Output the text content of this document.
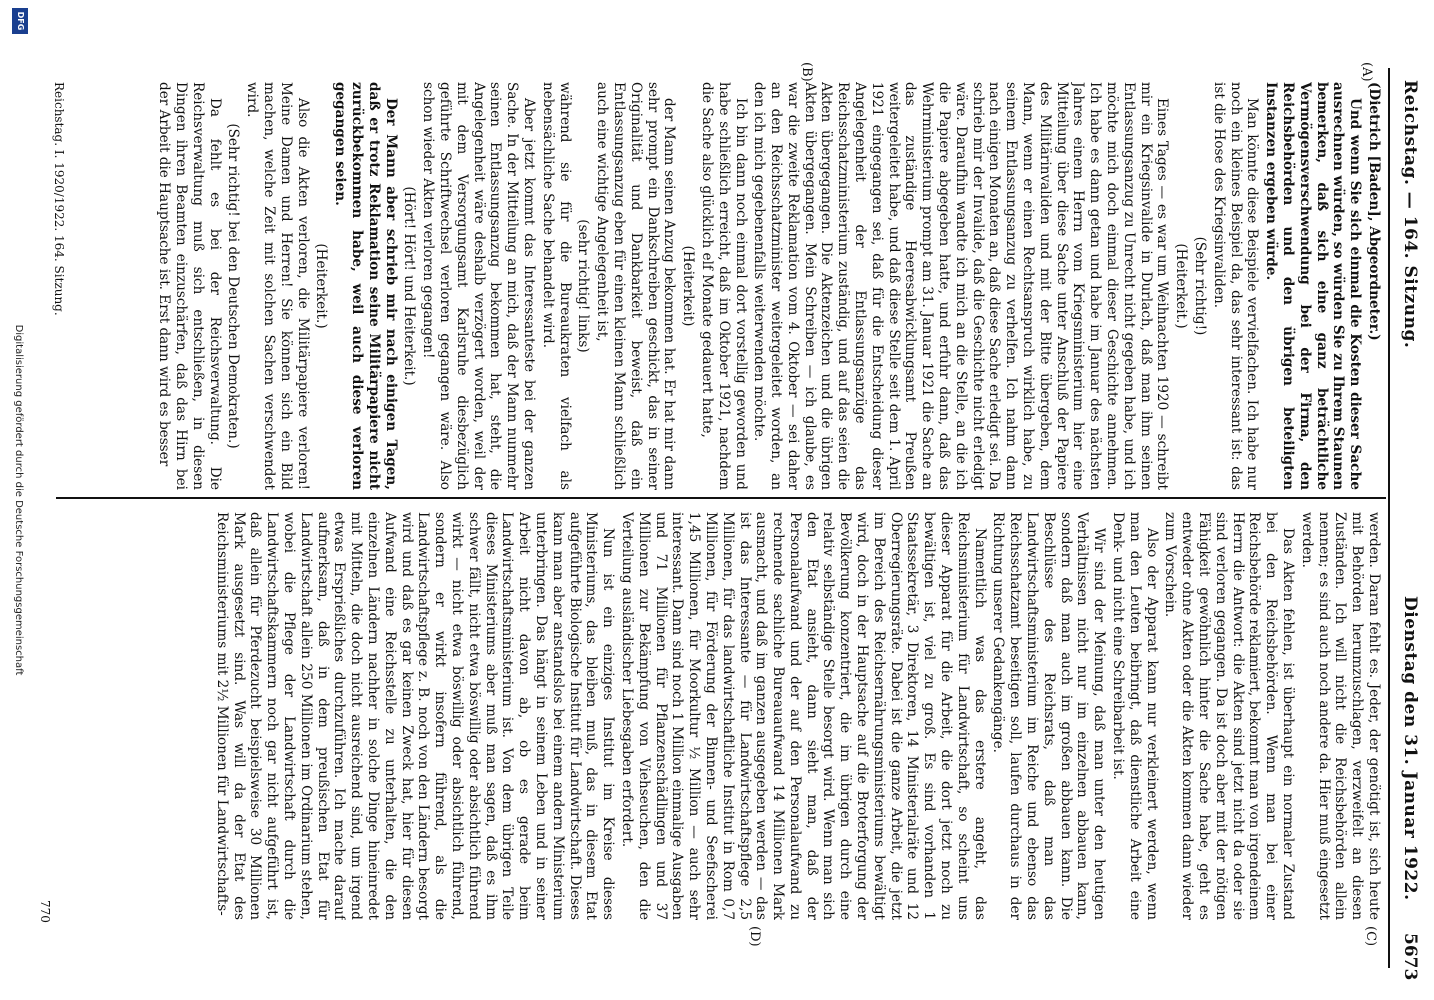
Reichstag. — 164. Sitzung.
Dienstag den 31. Januar 1922.
5673
(A)
(B)
(C)
(D)

(Dietrich [Baden], Abgeordneter.)

Und wenn Sie sich einmal die Kosten dieser Sache ausrechnen würden, so würden Sie zu Ihrem Staunen bemerken, daß sich eine ganz beträchtliche Vermögensverschwendung bei der Firma, den Reichsbehörden und den übrigen beteiligten Instanzen ergeben würde.

Man könnte diese Beispiele vervielfachen. Ich habe nur noch ein kleines Beispiel da, das sehr interessant ist: das ist die Hose des Kriegsinvaliden.

(Sehr richtig!)

(Heiterkeit.)

Eines Tages — es war um Weihnachten 1920 — schreibt mir ein Kriegsinvalide in Durlach, daß man ihm seinen Entlassungsanzug zu Unrecht nicht gegeben habe, und ich möchte mich doch einmal dieser Geschichte annehmen. Ich habe es dann getan und habe im Januar des nächsten Jahres einem Herrn vom Kriegsministerium hier eine Mitteilung über diese Sache unter Anschluß der Papiere des Militärinvaliden und mit der Bitte übergeben, dem Mann, wenn er einen Rechtsanspruch wirklich habe, zu seinem Entlassungsanzug zu verhelfen. Ich nahm dann nach einigen Monaten an, daß diese Sache erledigt sei. Da schrieb mir der Invalide, daß die Geschichte nicht erledigt wäre. Daraufhin wandte ich mich an die Stelle, an die ich die Papiere abgegeben hatte, und erfuhr dann, daß das Wehrministerium prompt am 31. Januar 1921 die Sache an das zuständige Heeresabwicklungsamt Preußen weitergeleitet habe, und daß diese Stelle seit dem 1. April 1921 eingegangen sei, daß für die Entscheidung dieser Angelegenheit der Entlassungsanzüge das Reichsschatzministerium zuständig, und auf das seien die Akten übergegangen. Die Aktenzeichen und die übrigen Akten übergegangen. Mein Schreiben — ich glaube, es war die zweite Reklamation vom 4. Oktober — sei daher an den Reichsschatzminister weitergeleitet worden, an den ich mich gegebenenfalls weiterwenden möchte.

Ich bin dann noch einmal dort vorstellig geworden und habe schließlich erreicht, daß im Oktober 1921, nachdem die Sache also glücklich elf Monate gedauert hatte,

(Heiterkeit)

der Mann seinen Anzug bekommen hat. Er hat mir dann sehr prompt ein Dankschreiben geschickt, das in seiner Originalität und Dankbarkeit beweist, daß ein Entlassungsanzug eben für einen kleinen Mann schließlich auch eine wichtige Angelegenheit ist,

(sehr richtig! links)

während sie für die Bureaukraten vielfach als nebensächliche Sache behandelt wird.

Aber jetzt kommt das Interessanteste bei der ganzen Sache. In der Mitteilung an mich, daß der Mann nunmehr seinen Entlassungsanzug bekommen hat, steht, die Angelegenheit wäre deshalb verzögert worden, weil der mit dem Versorgungsamt Karlsruhe diesbezüglich geführte Schriftwechsel verloren gegangen wäre. Also schon wieder Akten verloren gegangen!

(Hört! Hört! und Heiterkeit.)

Der Mann aber schrieb mir nach einigen Tagen, daß er trotz Reklamation seine Militärpapiere nicht zurückbekommen habe, weil auch diese verloren gegangen seien.

(Heiterkeit.)

Also die Akten verloren, die Militärpapiere verloren! Meine Damen und Herren! Sie können sich ein Bild machen, welche Zeit mit solchen Sachen verschwendet wird.

(Sehr richtig! bei den Deutschen Demokraten.)

Da fehlt es bei der Reichsverwaltung. Die Reichsverwaltung muß sich entschließen, in diesen Dingen ihren Beamten einzuschärfen, daß das Hirn bei der Arbeit die Hauptsache ist. Erst dann wird es besser

werden. Daran fehlt es. Jeder, der genötigt ist, sich heute mit Behörden herumzuschlagen, verzweifelt an diesen Zuständen. Ich will nicht die Reichsbehörden allein nennen; es sind auch noch andere da. Hier muß eingesetzt werden.

Das Akten fehlen, ist überhaupt ein normaler Zustand bei den Reichsbehörden. Wenn man bei einer Reichsbehörde reklamiert, bekommt man von irgendeinem Herrn die Antwort: die Akten sind jetzt nicht da oder sie sind verloren gegangen. Da ist doch aber mit der nötigen Fähigkeit gewöhnlich hinter die Sache habe, geht es entweder ohne Akten oder die Akten kommen dann wieder zum Vorschein.

Also der Apparat kann nur verkleinert werden, wenn man den Leuten beibringt, daß dienstliche Arbeit eine Denk- und nicht eine Schreibarbeit ist.

Wir sind der Meinung, daß man unter den heutigen Verhältnissen nicht nur im einzelnen abbauen kann, sondern daß man auch im großen abbauen kann. Die Beschlüsse des Reichsrats, daß man das Landwirtschaftsministerium im Reiche und ebenso das Reichsschatzamt beseitigen soll, laufen durchaus in der Richtung unserer Gedankengänge.

Namentlich was das erstere angeht, das Reichsministerium für Landwirtschaft, so scheint uns dieser Apparat für die Arbeit, die dort jetzt noch zu bewältigen ist, viel zu groß. Es sind vorhanden 1 Staatssekretär, 3 Direktoren, 14 Ministerialräte und 12 Oberregierungsräte. Dabei ist die ganze Arbeit, die jetzt im Bereich des Reichsernährungsministeriums bewältigt wird, doch in der Hauptsache auf die Broterforgung der Bevölkerung konzentriert, die im übrigen durch eine relativ selbständige Stelle besorgt wird. Wenn man sich den Etat ansieht, dann sieht man, daß der Personalaufwand und der auf den Personalaufwand zu rechnende sachliche Bureauaufwand 14 Millionen Mark ausmacht, und daß im ganzen ausgegeben werden — das ist das Interessante — für Landwirtschaftspflege 2,5 Millionen, für das landwirtschaftliche Institut in Rom 0,7 Millionen, für Förderung der Binnen- und Seefischerei 1,45 Millionen, für Moorkultur ½ Million — auch sehr interessant. Dann sind noch 1 Million einmalige Ausgaben und 71 Millionen für Pflanzenschädlingen und 37 Millionen zur Bekämpfung von Viehseuchen, den die Verteilung ausländischer Liebesgaben erfordert.

Nun ist ein einziges Institut im Kreise dieses Ministeriums, das bleiben muß, das in diesem Etat aufgeführte Biologische Institut für Landwirtschaft. Dieses kann man aber anstandslos bei einem andern Ministerium unterbringen. Das hängt in seinem Leben und in seiner Arbeit nicht davon ab, ob es gerade beim Landwirtschaftsministerium ist. Von dem übrigen Teile dieses Ministeriums aber muß man sagen, daß es ihm schwer fällt, nicht etwa böswillig oder absichtlich führend wirkt — nicht etwa böswillig oder absichtlich führend, sondern er wirkt insofern führend, als die Landwirtschaftspflege z. B. noch von den Ländern besorgt wird und daß es gar keinen Zweck hat, hier für diesen Aufwand eine Reichsstelle zu unterhalten, die den einzelnen Ländern nachher in solche Dinge hineinredet mit Mitteln, die doch nicht ausreichend sind, um irgend etwas Ersprießliches durchzuführen. Ich mache darauf aufmerksam, daß in dem preußischen Etat für Landwirtschaft allein 250 Millionen im Ordinarium stehen, wobei die Pflege der Landwirtschaft durch die Landwirtschaftskammern noch gar nicht aufgeführt ist, daß allein für Pferdezucht beispielsweise 30 Millionen Mark ausgesetzt sind. Was will da der Etat des Reichsministeriums mit 2½ Millionen für Landwirtschafts-

Reichstag. I. 1920/1922. 164. Sitzung.
770
DFG
Digitalisierung gefördert durch die Deutsche Forschungsgemeinschaft
